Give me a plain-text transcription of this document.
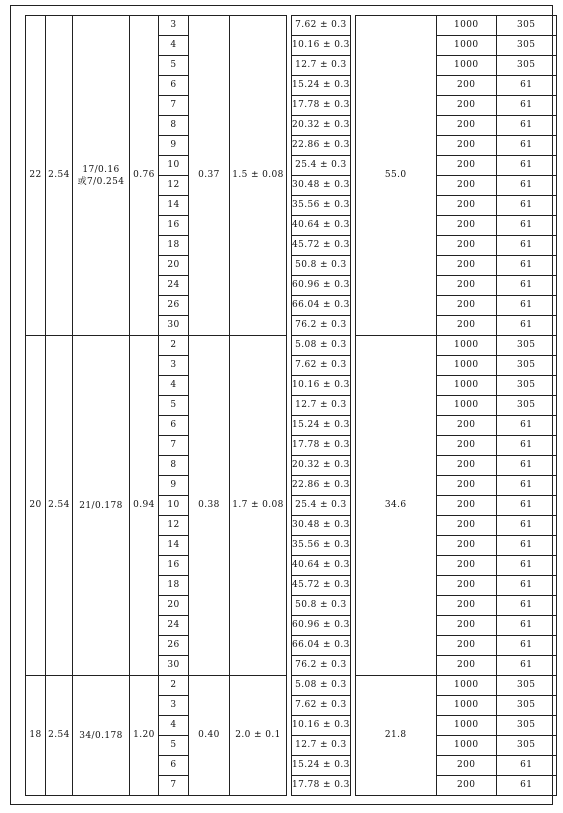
22	2.54	17/0.16
或7/0.254	0.76	3	0.37	1.5 ± 0.08		7.62 ± 0.3		55.0	1000	305
				4				10.16 ± 0.3			1000	305
				5				12.7 ± 0.3			1000	305
				6				15.24 ± 0.3			200	61
				7				17.78 ± 0.3			200	61
				8				20.32 ± 0.3			200	61
				9				22.86 ± 0.3			200	61
				10				25.4 ± 0.3			200	61
				12				30.48 ± 0.3			200	61
				14				35.56 ± 0.3			200	61
				16				40.64 ± 0.3			200	61
				18				45.72 ± 0.3			200	61
				20				50.8 ± 0.3			200	61
				24				60.96 ± 0.3			200	61
				26				66.04 ± 0.3			200	61
				30				76.2 ± 0.3			200	61
20	2.54	21/0.178	0.94	2	0.38	1.7 ± 0.08		5.08 ± 0.3		34.6	1000	305
				3				7.62 ± 0.3			1000	305
				4				10.16 ± 0.3			1000	305
				5				12.7 ± 0.3			1000	305
				6				15.24 ± 0.3			200	61
				7				17.78 ± 0.3			200	61
				8				20.32 ± 0.3			200	61
				9				22.86 ± 0.3			200	61
				10				25.4 ± 0.3			200	61
				12				30.48 ± 0.3			200	61
				14				35.56 ± 0.3			200	61
				16				40.64 ± 0.3			200	61
				18				45.72 ± 0.3			200	61
				20				50.8 ± 0.3			200	61
				24				60.96 ± 0.3			200	61
				26				66.04 ± 0.3			200	61
				30				76.2 ± 0.3			200	61
18	2.54	34/0.178	1.20	2	0.40	2.0 ± 0.1		5.08 ± 0.3		21.8	1000	305
				3				7.62 ± 0.3			1000	305
				4				10.16 ± 0.3			1000	305
				5				12.7 ± 0.3			1000	305
				6				15.24 ± 0.3			200	61
				7				17.78 ± 0.3			200	61
